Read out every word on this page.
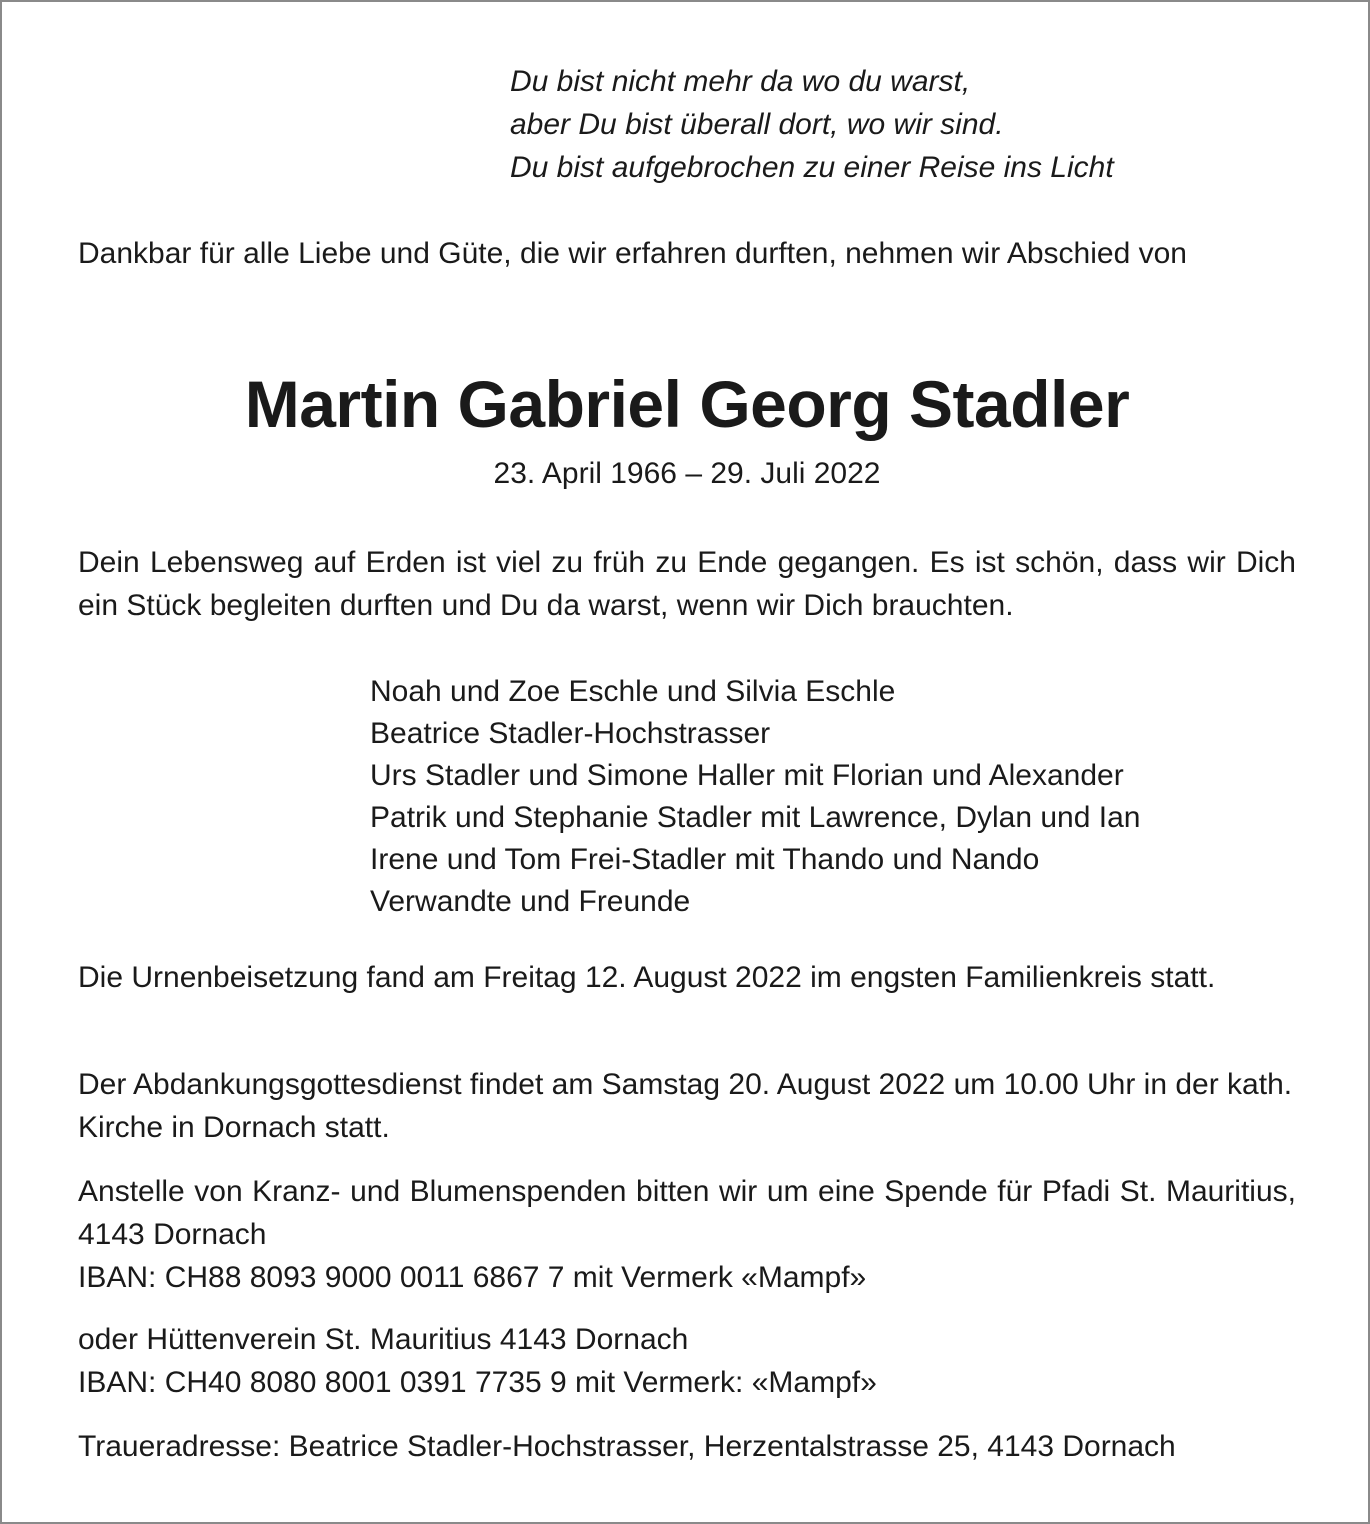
Du bist nicht mehr da wo du warst,
aber Du bist überall dort, wo wir sind.
Du bist aufgebrochen zu einer Reise ins Licht

Dankbar für alle Liebe und Güte, die wir erfahren durften, nehmen wir Abschied von

Martin Gabriel Georg Stadler
23. April 1966 – 29. Juli 2022

Dein Lebensweg auf Erden ist viel zu früh zu Ende gegangen. Es ist schön, dass wir Dich ein Stück begleiten durften und Du da warst, wenn wir Dich brauchten.

Noah und Zoe Eschle und Silvia Eschle
Beatrice Stadler-Hochstrasser
Urs Stadler und Simone Haller mit Florian und Alexander
Patrik und Stephanie Stadler mit Lawrence, Dylan und Ian
Irene und Tom Frei-Stadler mit Thando und Nando
Verwandte und Freunde

Die Urnenbeisetzung fand am Freitag 12. August 2022 im engsten Familienkreis statt.

Der Abdankungsgottesdienst findet am Samstag 20. August 2022 um 10.00 Uhr in der kath. Kirche in Dornach statt.

Anstelle von Kranz- und Blumenspenden bitten wir um eine Spende für Pfadi St. Mauritius, 4143 Dornach
IBAN: CH88 8093 9000 0011 6867 7 mit Vermerk «Mampf»
oder Hüttenverein St. Mauritius 4143 Dornach
IBAN: CH40 8080 8001 0391 7735 9 mit Vermerk: «Mampf»

Traueradresse: Beatrice Stadler-Hochstrasser, Herzentalstrasse 25, 4143 Dornach
